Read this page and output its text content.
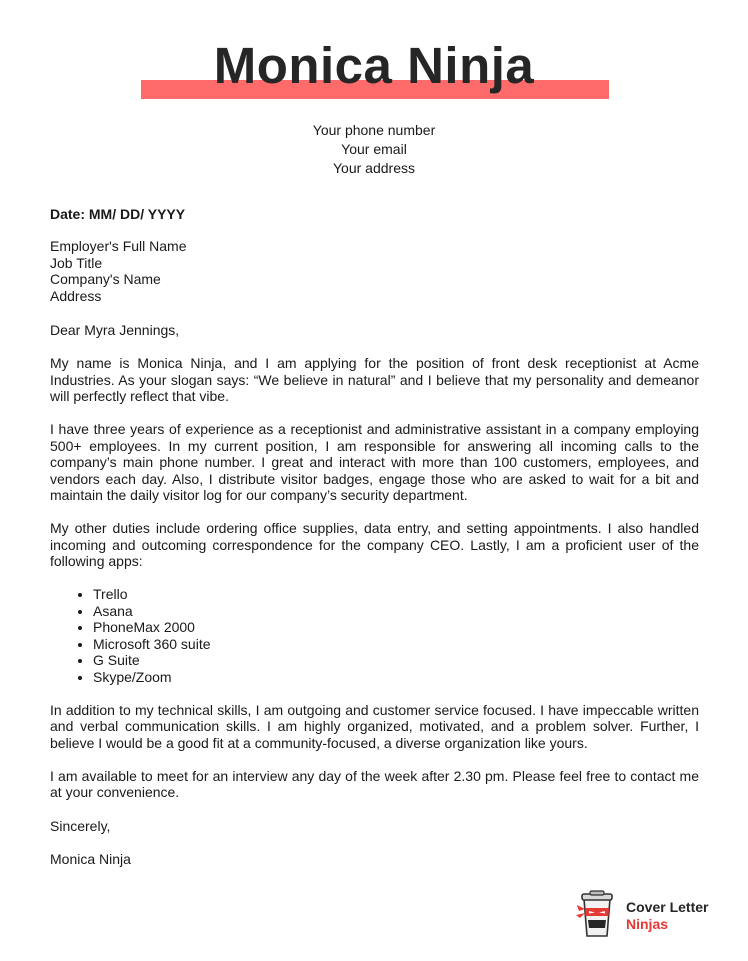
Monica Ninja
Your phone number
Your email
Your address
Date: MM/ DD/ YYYY
Employer's Full Name
Job Title
Company's Name
Address
Dear Myra Jennings,

My name is Monica Ninja, and I am applying for the position of front desk receptionist at Acme Industries. As your slogan says: “We believe in natural” and I believe that my personality and demeanor will perfectly reflect that vibe.

I have three years of experience as a receptionist and administrative assistant in a company employing 500+ employees. In my current position, I am responsible for answering all incoming calls to the company’s main phone number. I great and interact with more than 100 customers, employees, and vendors each day. Also, I distribute visitor badges, engage those who are asked to wait for a bit and maintain the daily visitor log for our company’s security department.

My other duties include ordering office supplies, data entry, and setting appointments. I also handled incoming and outcoming correspondence for the company CEO. Lastly, I am a proficient user of the following apps:

• Trello
• Asana
• PhoneMax 2000
• Microsoft 360 suite
• G Suite
• Skype/Zoom

In addition to my technical skills, I am outgoing and customer service focused. I have impeccable written and verbal communication skills. I am highly organized, motivated, and a problem solver. Further, I believe I would be a good fit at a community-focused, a diverse organization like yours.

I am available to meet for an interview any day of the week after 2.30 pm. Please feel free to contact me at your convenience.

Sincerely,
Monica Ninja
Cover Letter
Ninjas
